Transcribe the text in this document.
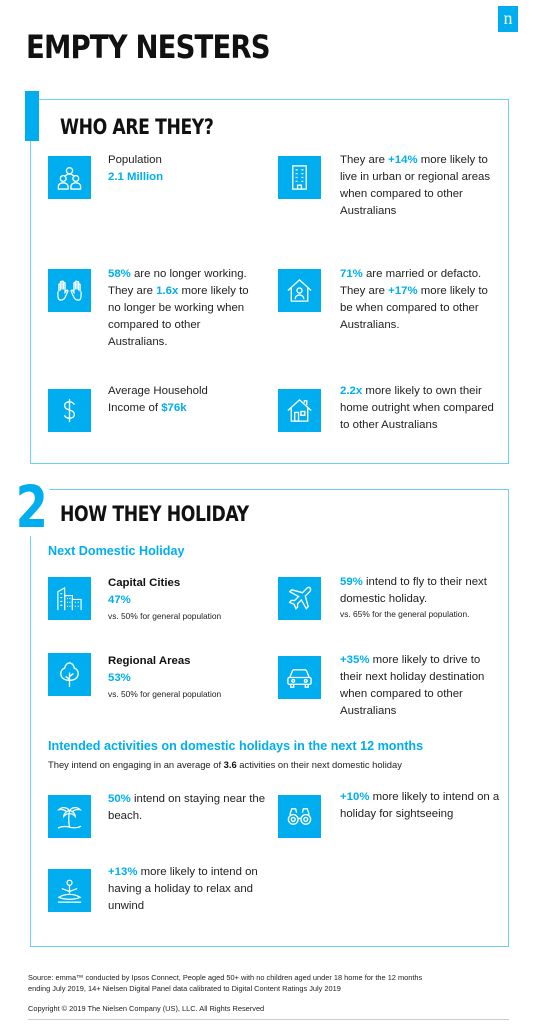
n
EMPTY NESTERS
WHO ARE THEY?
Population
2.1 Million
They are +14% more likely to live in urban or regional areas when compared to other Australians
58% are no longer working. They are 1.6x more likely to no longer be working when compared to other Australians.
71% are married or defacto. They are +17% more likely to be when compared to other Australians.
Average Household
Income of $76k
2.2x more likely to own their home outright when compared to other Australians
2 HOW THEY HOLIDAY
Next Domestic Holiday
Capital Cities
47%
vs. 50% for general population
59% intend to fly to their next domestic holiday.
vs. 65% for the general population.
Regional Areas
53%
vs. 50% for general population
+35% more likely to drive to their next holiday destination when compared to other Australians
Intended activities on domestic holidays in the next 12 months
They intend on engaging in an average of 3.6 activities on their next domestic holiday
50% intend on staying near the beach.
+10% more likely to intend on a holiday for sightseeing
+13% more likely to intend on having a holiday to relax and unwind
Source: emma™ conducted by Ipsos Connect, People aged 50+ with no children aged under 18 home for the 12 months
ending July 2019, 14+ Nielsen Digital Panel data calibrated to Digital Content Ratings July 2019
Copyright © 2019 The Nielsen Company (US), LLC. All Rights Reserved
